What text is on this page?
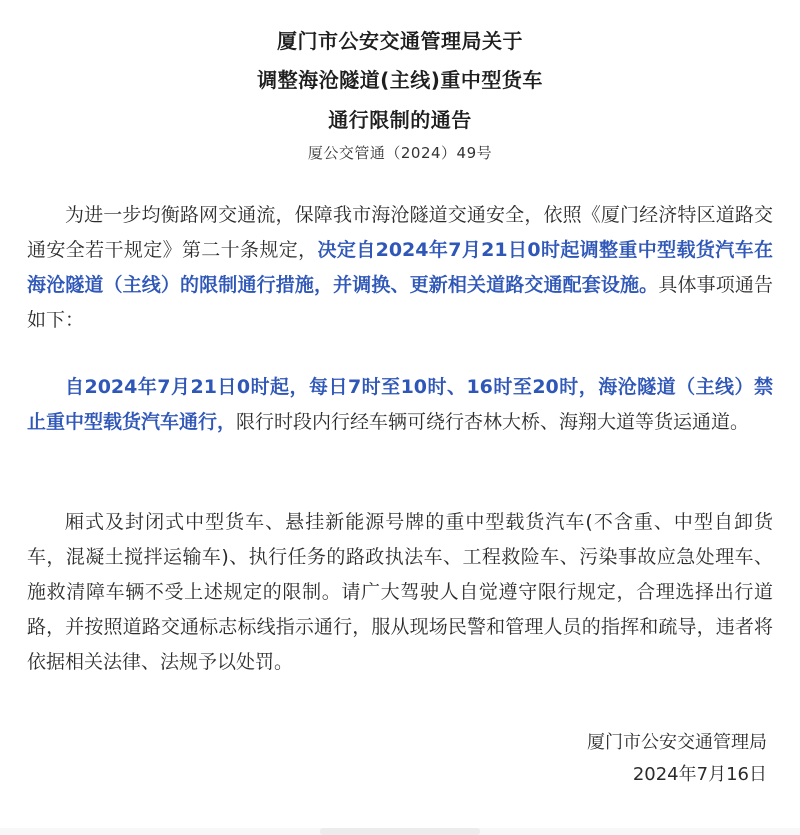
厦门市公安交通管理局关于
调整海沧隧道(主线)重中型货车
通行限制的通告
厦公交管通（2024）49号

为进一步均衡路网交通流，保障我市海沧隧道交通安全，依照《厦门经济特区道路交通安全若干规定》第二十条规定，决定自2024年7月21日0时起调整重中型载货汽车在海沧隧道（主线）的限制通行措施，并调换、更新相关道路交通配套设施。具体事项通告如下：

自2024年7月21日0时起，每日7时至10时、16时至20时，海沧隧道（主线）禁止重中型载货汽车通行，限行时段内行经车辆可绕行杏林大桥、海翔大道等货运通道。

厢式及封闭式中型货车、悬挂新能源号牌的重中型载货汽车(不含重、中型自卸货车，混凝土搅拌运输车)、执行任务的路政执法车、工程救险车、污染事故应急处理车、施救清障车辆不受上述规定的限制。请广大驾驶人自觉遵守限行规定，合理选择出行道路，并按照道路交通标志标线指示通行，服从现场民警和管理人员的指挥和疏导，违者将依据相关法律、法规予以处罚。

厦门市公安交通管理局
2024年7月16日
